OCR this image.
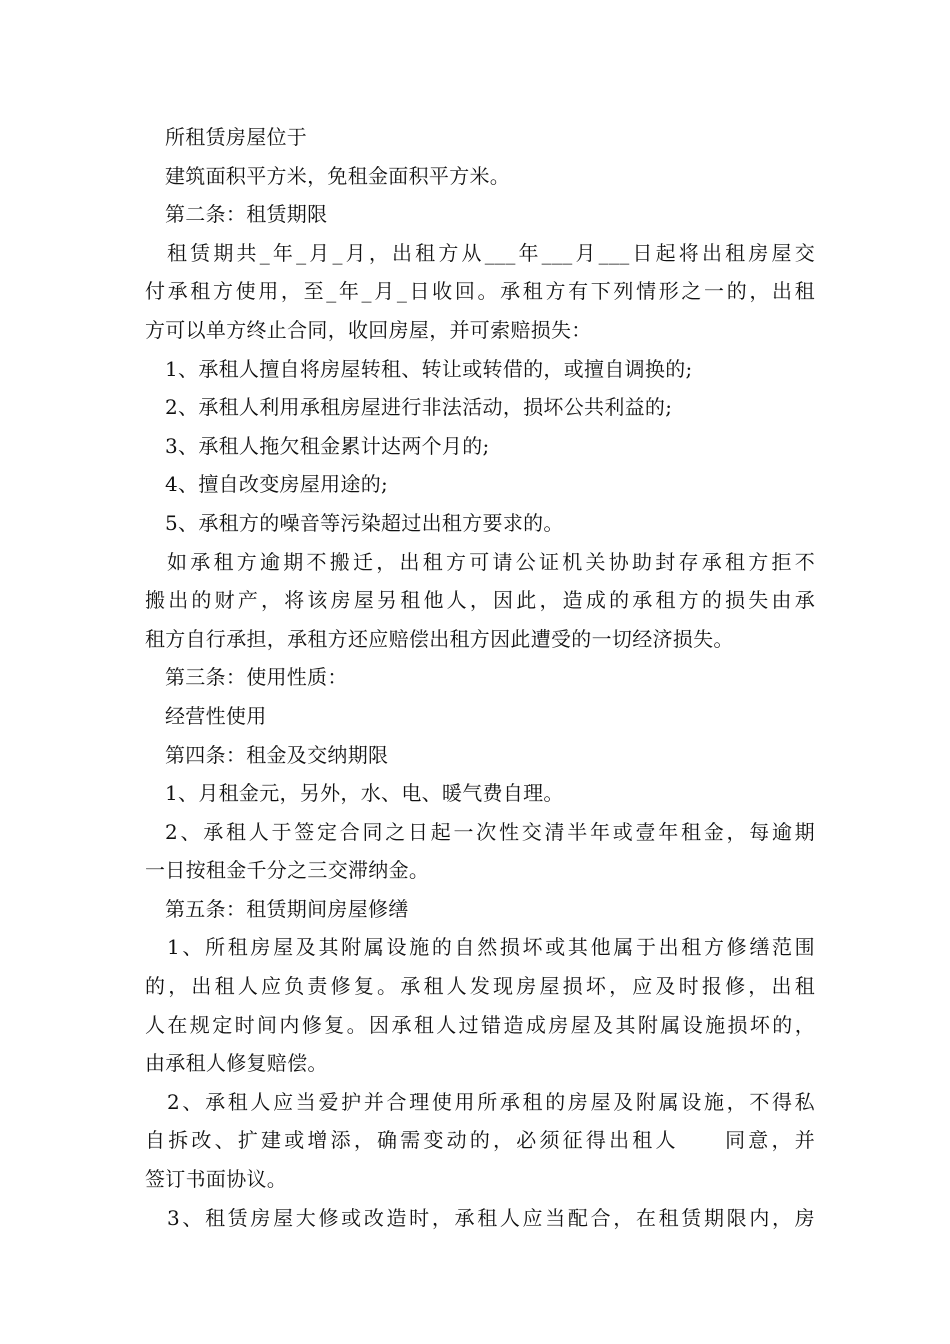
所租赁房屋位于
建筑面积平方米，免租金面积平方米。
第二条：租赁期限
租赁期共_年_月_月，出租方从___年___月___日起将出租房屋交
付承租方使用，至_年_月_日收回。承租方有下列情形之一的，出租
方可以单方终止合同，收回房屋，并可索赔损失：
1、承租人擅自将房屋转租、转让或转借的，或擅自调换的;
2、承租人利用承租房屋进行非法活动，损坏公共利益的;
3、承租人拖欠租金累计达两个月的;
4、擅自改变房屋用途的;
5、承租方的噪音等污染超过出租方要求的。
如承租方逾期不搬迁，出租方可请公证机关协助封存承租方拒不
搬出的财产，将该房屋另租他人，因此，造成的承租方的损失由承
租方自行承担，承租方还应赔偿出租方因此遭受的一切经济损失。
第三条：使用性质：
经营性使用
第四条：租金及交纳期限
1、月租金元，另外，水、电、暖气费自理。
2、承租人于签定合同之日起一次性交清半年或壹年租金，每逾期
一日按租金千分之三交滞纳金。
第五条：租赁期间房屋修缮
1、所租房屋及其附属设施的自然损坏或其他属于出租方修缮范围
的，出租人应负责修复。承租人发现房屋损坏，应及时报修，出租
人在规定时间内修复。因承租人过错造成房屋及其附属设施损坏的，
由承租人修复赔偿。
2、承租人应当爱护并合理使用所承租的房屋及附属设施，不得私
自拆改、扩建或增添，确需变动的，必须征得出租人　　同意，并
签订书面协议。
3、租赁房屋大修或改造时，承租人应当配合，在租赁期限内，房
